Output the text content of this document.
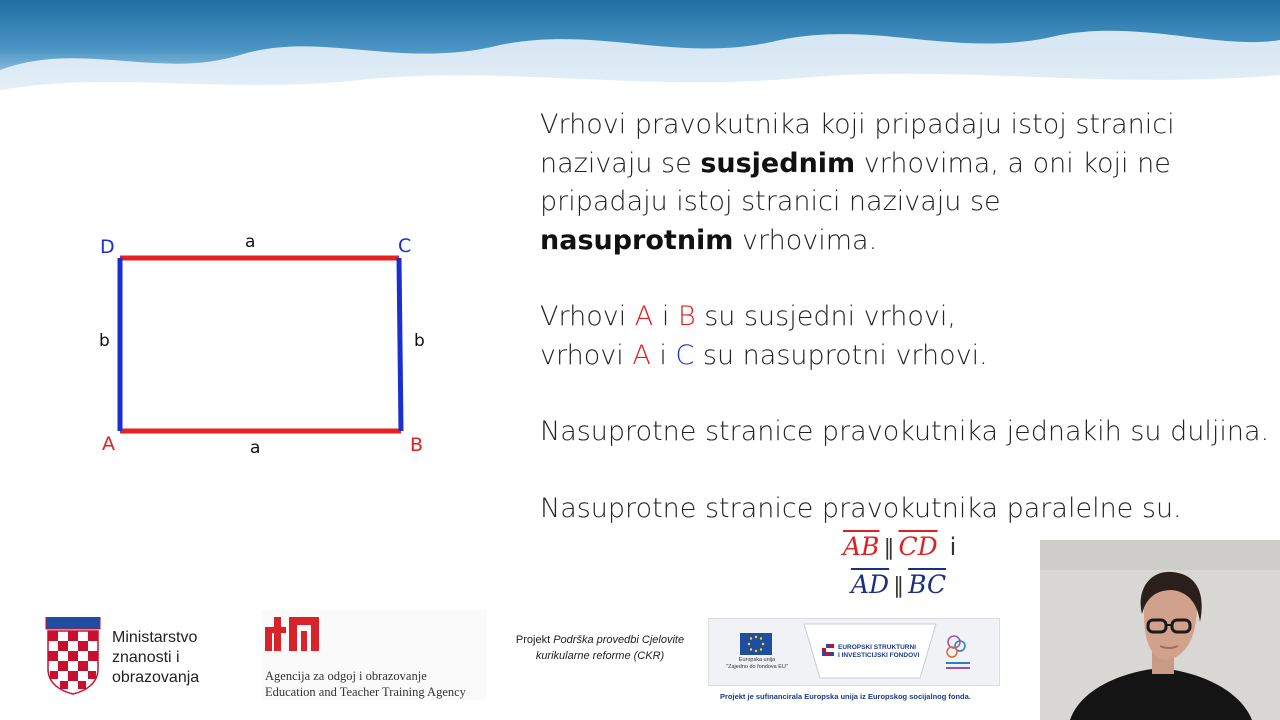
D	C
A	B
a
a
b	b

Vrhovi pravokutnika koji pripadaju istoj stranici nazivaju se susjednim vrhovima, a oni koji ne pripadaju istoj stranici nazivaju se nasuprotnim vrhovima.

Vrhovi A i B su susjedni vrhovi,

vrhovi A i C su nasuprotni vrhovi.

Nasuprotne stranice pravokutnika jednakih su duljina.

Nasuprotne stranice pravokutnika paralelne su.

$\overline{AB}$ ∥ $\overline{CD}$ i
$\overline{AD}$ ∥ $\overline{BC}$
Ministarstvo
znanosti i
obrazovanja	Agencija za odgoj i obrazovanje
Education and Teacher Training Agency
Projekt Podrška provedbi Cjelovite kurikularne reforme (CKR)	Europska unija
"Zajedno do fondova EU"
EUROPSKI STRUKTURNI
I INVESTICIJSKI FONDOVI
Projekt je sufinancirala Europska unija iz Europskog socijalnog fonda.
